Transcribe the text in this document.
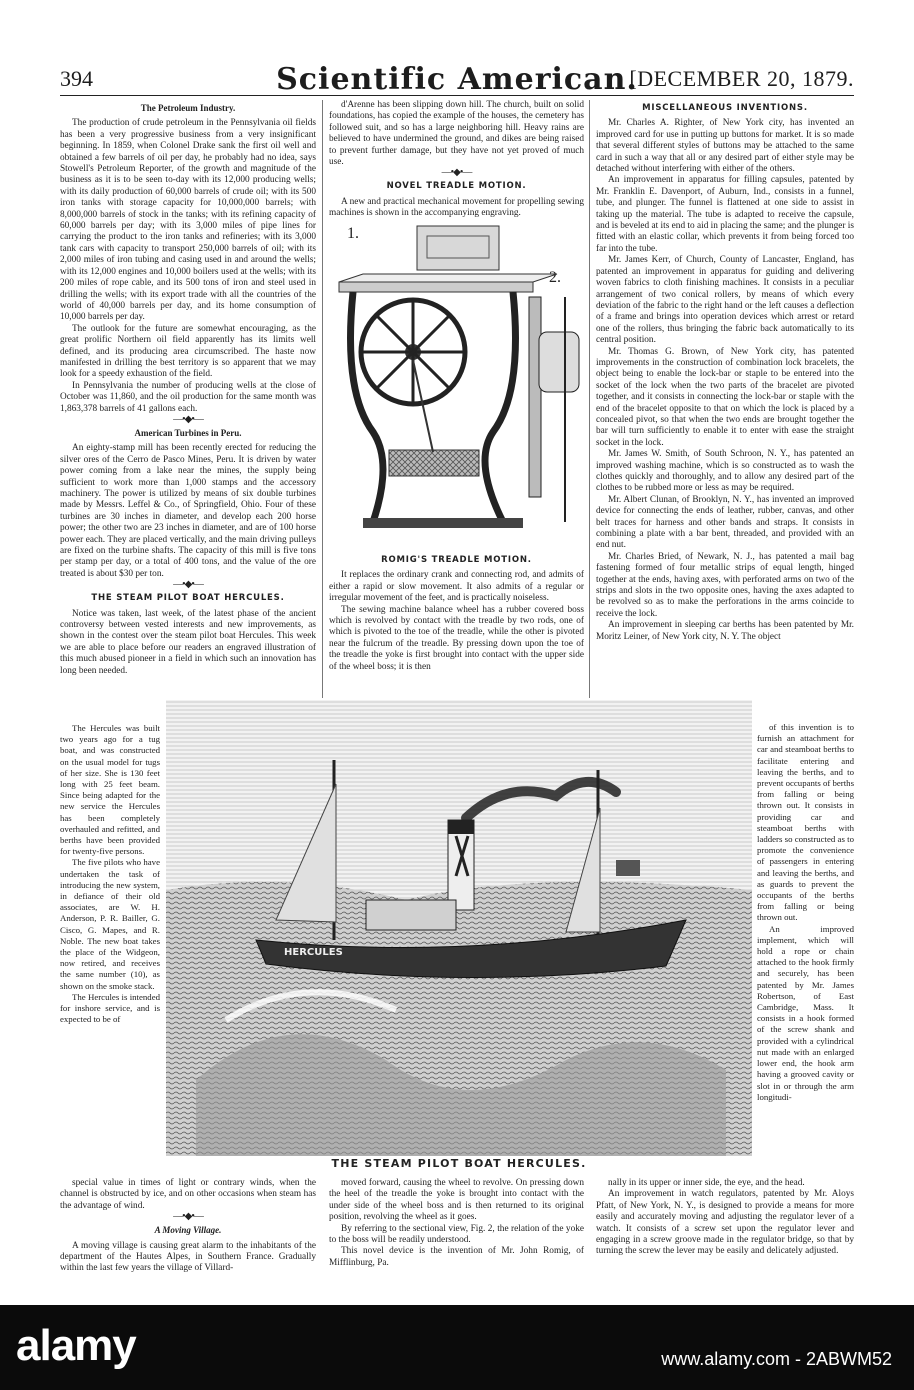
394	Scientific American.
[DECEMBER 20, 1879.

The Petroleum Industry.

The production of crude petroleum in the Pennsylvania oil fields has been a very progressive business from a very insignificant beginning. In 1859, when Colonel Drake sank the first oil well and obtained a few barrels of oil per day, he probably had no idea, says Stowell's Petroleum Reporter, of the growth and magnitude of the business as it is to be seen to-day with its 12,000 producing wells; with its daily production of 60,000 barrels of crude oil; with its 500 iron tanks with storage capacity for 10,000,000 barrels; with 8,000,000 barrels of stock in the tanks; with its refining capacity of 60,000 barrels per day; with its 3,000 miles of pipe lines for carrying the product to the iron tanks and refineries; with its 3,000 tank cars with capacity to transport 250,000 barrels of oil; with its 2,000 miles of iron tubing and casing used in and around the wells; with its 12,000 engines and 10,000 boilers used at the wells; with its 200 miles of rope cable, and its 500 tons of iron and steel used in drilling the wells; with its export trade with all the countries of the world of 40,000 barrels per day, and its home consumption of 10,000 barrels per day.

The outlook for the future are somewhat encouraging, as the great prolific Northern oil field apparently has its limits well defined, and its producing area circumscribed. The haste now manifested in drilling the best territory is so apparent that we may look for a speedy exhaustion of the field.

In Pennsylvania the number of producing wells at the close of October was 11,860, and the oil production for the same month was 1,863,378 barrels of 41 gallons each.

—•◆•—

American Turbines in Peru.

An eighty-stamp mill has been recently erected for reducing the silver ores of the Cerro de Pasco Mines, Peru. It is driven by water power coming from a lake near the mines, the supply being sufficient to work more than 1,000 stamps and the accessory machinery. The power is utilized by means of six double turbines made by Messrs. Leffel & Co., of Springfield, Ohio. Four of these turbines are 30 inches in diameter, and develop each 200 horse power; the other two are 23 inches in diameter, and are of 100 horse power each. They are placed vertically, and the main driving pulleys are fixed on the turbine shafts. The capacity of this mill is five tons per stamp per day, or a total of 400 tons, and the value of the ore treated is about $30 per ton.

—•◆•—

THE STEAM PILOT BOAT HERCULES.

Notice was taken, last week, of the latest phase of the ancient controversy between vested interests and new improvements, as shown in the contest over the steam pilot boat Hercules. This week we are able to place before our readers an engraved illustration of this much abused pioneer in a field in which such an innovation has long been needed.

The Hercules was built two years ago for a tug boat, and was constructed on the usual model for tugs of her size. She is 130 feet long with 25 feet beam. Since being adapted for the new service the Hercules has been completely overhauled and refitted, and berths have been provided for twenty-five persons.

The five pilots who have undertaken the task of introducing the new system, in defiance of their old associates, are W. H. Anderson, P. R. Bailler, G. Cisco, G. Mapes, and R. Noble. The new boat takes the place of the Widgeon, now retired, and receives the same number (10), as shown on the smoke stack.

The Hercules is intended for inshore service, and is expected to be of

special value in times of light or contrary winds, when the channel is obstructed by ice, and on other occasions when steam has the advantage of wind.

—•◆•—

A Moving Village.

A moving village is causing great alarm to the inhabitants of the department of the Hautes Alpes, in Southern France. Gradually within the last few years the village of Villard-

d'Arenne has been slipping down hill. The church, built on solid foundations, has copied the example of the houses, the cemetery has followed suit, and so has a large neighboring hill. Heavy rains are believed to have undermined the ground, and dikes are being raised to prevent further damage, but they have not yet proved of much use.

—•◆•—

NOVEL TREADLE MOTION.

A new and practical mechanical movement for propelling sewing machines is shown in the accompanying engraving.

1.
2.

ROMIG'S TREADLE MOTION.

It replaces the ordinary crank and connecting rod, and admits of either a rapid or slow movement. It also admits of a regular or irregular movement of the feet, and is practically noiseless.

The sewing machine balance wheel has a rubber covered boss which is revolved by contact with the treadle by two rods, one of which is pivoted to the toe of the treadle, while the other is pivoted near the fulcrum of the treadle. By pressing down upon the toe of the treadle the yoke is first brought into contact with the upper side of the wheel boss; it is then

moved forward, causing the wheel to revolve. On pressing down the heel of the treadle the yoke is brought into contact with the under side of the wheel boss and is then returned to its original position, revolving the wheel as it goes.

By referring to the sectional view, Fig. 2, the relation of the yoke to the boss will be readily understood.

This novel device is the invention of Mr. John Romig, of Mifflinburg, Pa.

MISCELLANEOUS INVENTIONS.

Mr. Charles A. Righter, of New York city, has invented an improved card for use in putting up buttons for market. It is so made that several different styles of buttons may be attached to the same card in such a way that all or any desired part of either style may be detached without interfering with either of the others.

An improvement in apparatus for filling capsules, patented by Mr. Franklin E. Davenport, of Auburn, Ind., consists in a funnel, tube, and plunger. The funnel is flattened at one side to assist in taking up the material. The tube is adapted to receive the capsule, and is beveled at its end to aid in placing the same; and the plunger is fitted with an elastic collar, which prevents it from being forced too far into the tube.

Mr. James Kerr, of Church, County of Lancaster, England, has patented an improvement in apparatus for guiding and delivering woven fabrics to cloth finishing machines. It consists in a peculiar arrangement of two conical rollers, by means of which every deviation of the fabric to the right hand or the left causes a deflection of a frame and brings into operation devices which arrest or retard one of the rollers, thus bringing the fabric back automatically to its central position.

Mr. Thomas G. Brown, of New York city, has patented improvements in the construction of combination lock bracelets, the object being to enable the lock-bar or staple to be entered into the socket of the lock when the two parts of the bracelet are pivoted together, and it consists in connecting the lock-bar or staple with the end of the bracelet opposite to that on which the lock is placed by a concealed pivot, so that when the two ends are brought together the bar will turn sufficiently to enable it to enter with ease the straight socket in the lock.

Mr. James W. Smith, of South Schroon, N. Y., has patented an improved washing machine, which is so constructed as to wash the clothes quickly and thoroughly, and to allow any desired part of the clothes to be rubbed more or less as may be required.

Mr. Albert Clunan, of Brooklyn, N. Y., has invented an improved device for connecting the ends of leather, rubber, canvas, and other belt traces for harness and other bands and straps. It consists in combining a plate with a bar bent, threaded, and provided with an end nut.

Mr. Charles Bried, of Newark, N. J., has patented a mail bag fastening formed of four metallic strips of equal length, hinged together at the ends, having axes, with perforated arms on two of the strips and slots in the two opposite ones, having the axes adapted to be revolved so as to make the perforations in the arms coincide to receive the lock.

An improvement in sleeping car berths has been patented by Mr. Moritz Leiner, of New York city, N. Y. The object

of this invention is to furnish an attachment for car and steamboat berths to facilitate entering and leaving the berths, and to prevent occupants of berths from falling or being thrown out. It consists in providing car and steamboat berths with ladders so constructed as to promote the convenience of passengers in entering and leaving the berths, and as guards to prevent the occupants of the berths from falling or being thrown out.

An improved implement, which will hold a rope or chain attached to the hook firmly and securely, has been patented by Mr. James Robertson, of East Cambridge, Mass. It consists in a hook formed of the screw shank and provided with a cylindrical nut made with an enlarged lower end, the hook arm having a grooved cavity or slot in or through the arm longitudi-

nally in its upper or inner side, the eye, and the head.

An improvement in watch regulators, patented by Mr. Aloys Pfatt, of New York, N. Y., is designed to provide a means for more easily and accurately moving and adjusting the regulator lever of a watch. It consists of a screw set upon the regulator lever and engaging in a screw groove made in the regulator bridge, so that by turning the screw the lever may be easily and delicately adjusted.

HERCULES
THE STEAM PILOT BOAT HERCULES.
alamy	www.alamy.com - 2ABWM52
